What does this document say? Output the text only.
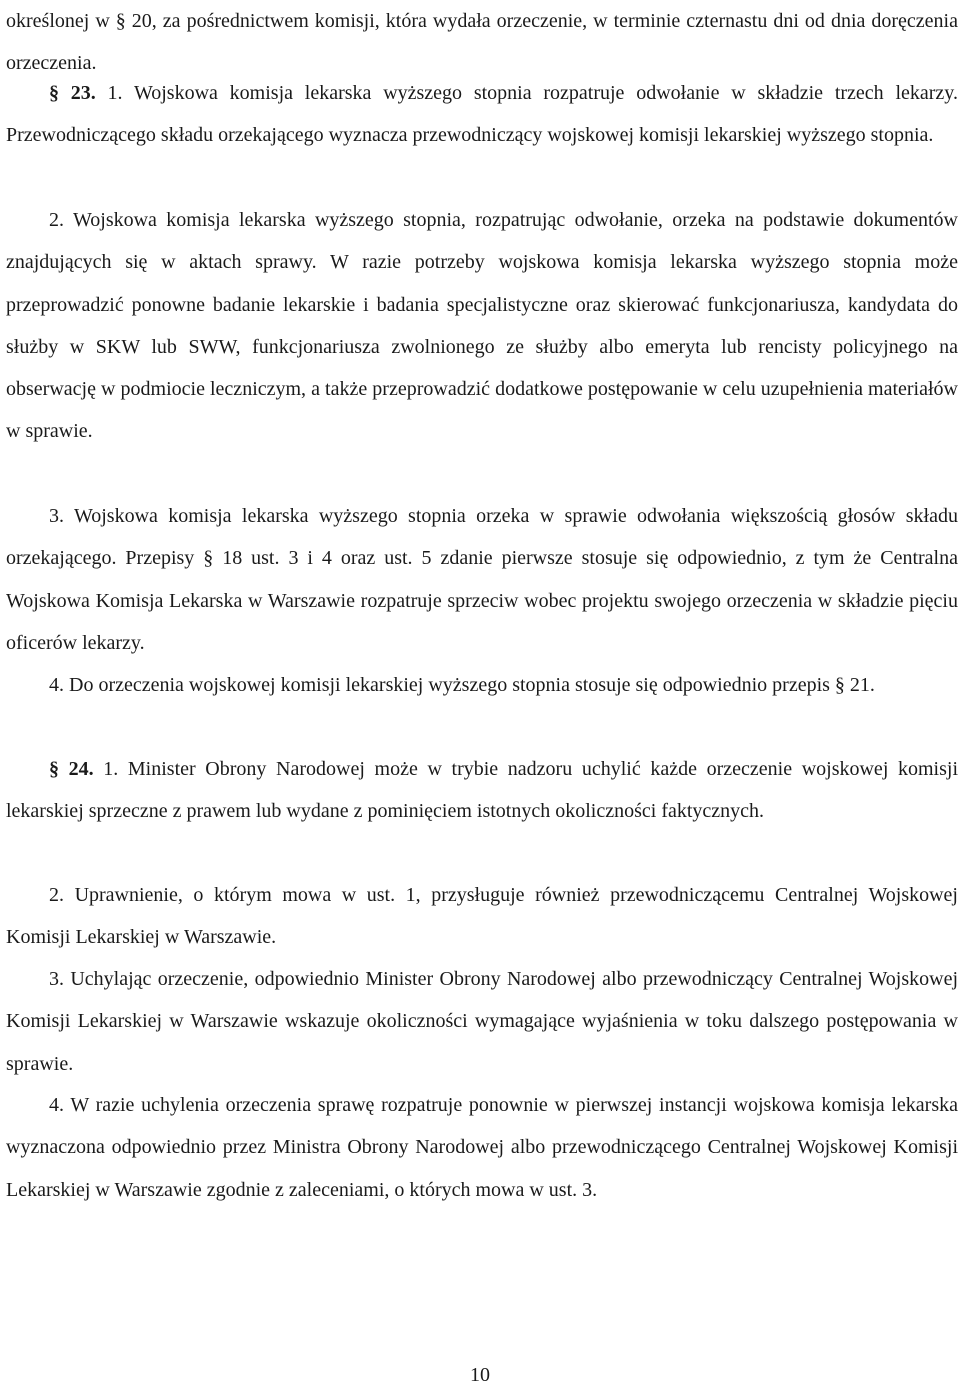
określonej w § 20, za pośrednictwem komisji, która wydała orzeczenie, w terminie czternastu dni od dnia doręczenia orzeczenia.

§ 23. 1. Wojskowa komisja lekarska wyższego stopnia rozpatruje odwołanie w składzie trzech lekarzy. Przewodniczącego składu orzekającego wyznacza przewodniczący wojskowej komisji lekarskiej wyższego stopnia.

2. Wojskowa komisja lekarska wyższego stopnia, rozpatrując odwołanie, orzeka na podstawie dokumentów znajdujących się w aktach sprawy. W razie potrzeby wojskowa komisja lekarska wyższego stopnia może przeprowadzić ponowne badanie lekarskie i badania specjalistyczne oraz skierować funkcjonariusza, kandydata do służby w SKW lub SWW, funkcjonariusza zwolnionego ze służby albo emeryta lub rencisty policyjnego na obserwację w podmiocie leczniczym, a także przeprowadzić dodatkowe postępowanie w celu uzupełnienia materiałów w sprawie.

3. Wojskowa komisja lekarska wyższego stopnia orzeka w sprawie odwołania większością głosów składu orzekającego. Przepisy § 18 ust. 3 i 4 oraz ust. 5 zdanie pierwsze stosuje się odpowiednio, z tym że Centralna Wojskowa Komisja Lekarska w Warszawie rozpatruje sprzeciw wobec projektu swojego orzeczenia w składzie pięciu oficerów lekarzy.

4. Do orzeczenia wojskowej komisji lekarskiej wyższego stopnia stosuje się odpowiednio przepis § 21.

§ 24. 1. Minister Obrony Narodowej może w trybie nadzoru uchylić każde orzeczenie wojskowej komisji lekarskiej sprzeczne z prawem lub wydane z pominięciem istotnych okoliczności faktycznych.

2. Uprawnienie, o którym mowa w ust. 1, przysługuje również przewodniczącemu Centralnej Wojskowej Komisji Lekarskiej w Warszawie.

3. Uchylając orzeczenie, odpowiednio Minister Obrony Narodowej albo przewodniczący Centralnej Wojskowej Komisji Lekarskiej w Warszawie wskazuje okoliczności wymagające wyjaśnienia w toku dalszego postępowania w sprawie.

4. W razie uchylenia orzeczenia sprawę rozpatruje ponownie w pierwszej instancji wojskowa komisja lekarska wyznaczona odpowiednio przez Ministra Obrony Narodowej albo przewodniczącego Centralnej Wojskowej Komisji Lekarskiej w Warszawie zgodnie z zaleceniami, o których mowa w ust. 3.

10
